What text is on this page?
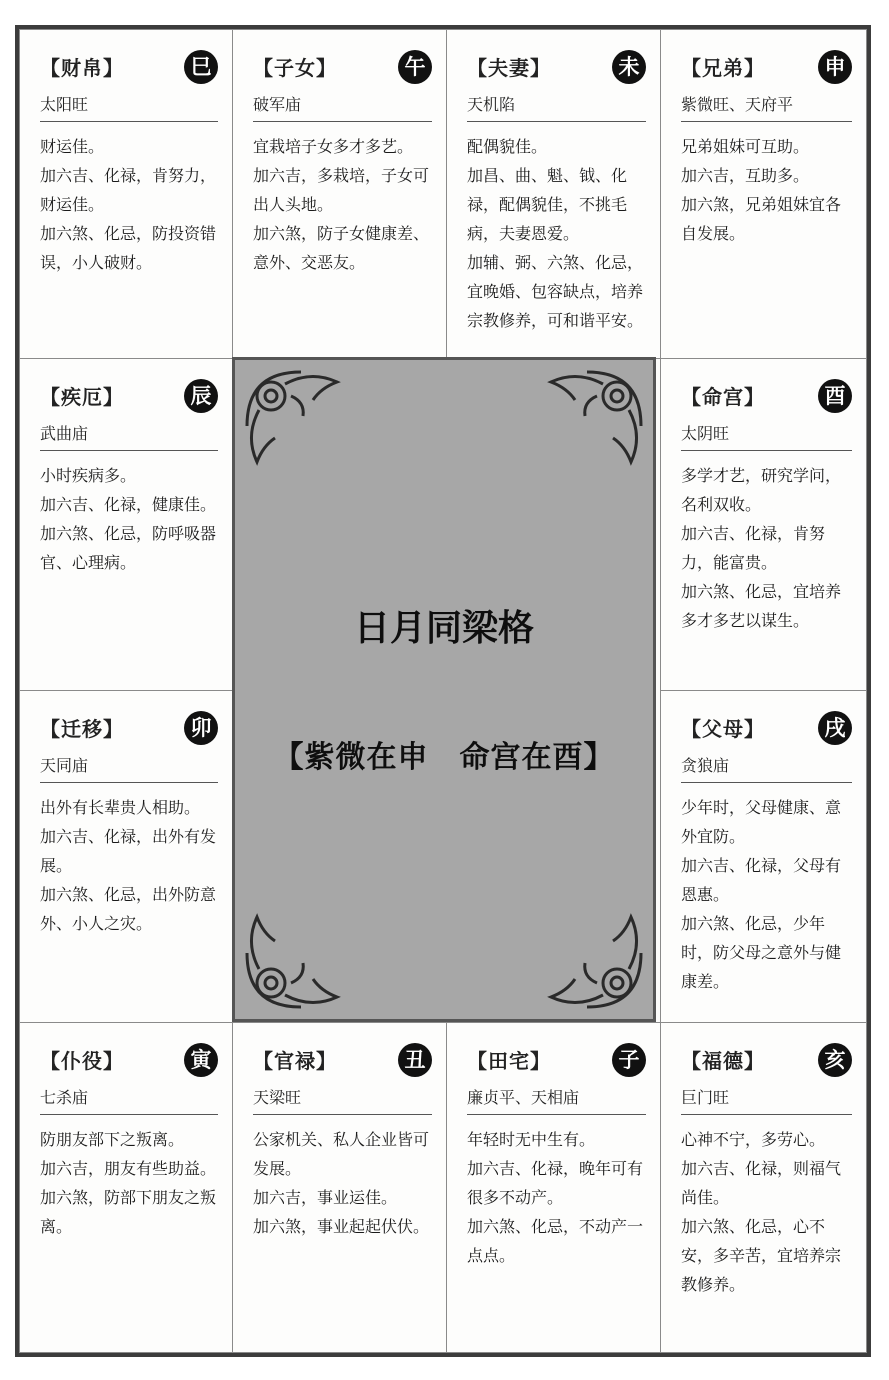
【财帛】	巳
太阳旺

财运佳。

加六吉、化禄，肯努力，财运佳。

加六煞、化忌，防投资错误，小人破财。

【子女】	午
破军庙

宜栽培子女多才多艺。

加六吉，多栽培，子女可出人头地。

加六煞，防子女健康差、意外、交恶友。

【夫妻】	未
天机陷

配偶貌佳。

加昌、曲、魁、钺、化禄，配偶貌佳，不挑毛病，夫妻恩爱。

加辅、弼、六煞、化忌，宜晚婚、包容缺点，培养宗教修养，可和谐平安。

【兄弟】	申
紫微旺、天府平

兄弟姐妹可互助。

加六吉，互助多。

加六煞，兄弟姐妹宜各自发展。

【疾厄】	辰
武曲庙

小时疾病多。

加六吉、化禄，健康佳。

加六煞、化忌，防呼吸器官、心理病。

【命宫】	酉
太阴旺

多学才艺，研究学问，名利双收。

加六吉、化禄，肯努力，能富贵。

加六煞、化忌，宜培养多才多艺以谋生。

【迁移】	卯
天同庙

出外有长辈贵人相助。

加六吉、化禄，出外有发展。

加六煞、化忌，出外防意外、小人之灾。

【父母】	戌
贪狼庙

少年时，父母健康、意外宜防。

加六吉、化禄，父母有恩惠。

加六煞、化忌，少年时，防父母之意外与健康差。

【仆役】	寅
七杀庙

防朋友部下之叛离。

加六吉，朋友有些助益。

加六煞，防部下朋友之叛离。

【官禄】	丑
天梁旺

公家机关、私人企业皆可发展。

加六吉，事业运佳。

加六煞，事业起起伏伏。

【田宅】	子
廉贞平、天相庙

年轻时无中生有。

加六吉、化禄，晚年可有很多不动产。

加六煞、化忌，不动产一点点。

【福德】	亥
巨门旺

心神不宁，多劳心。

加六吉、化禄，则福气尚佳。

加六煞、化忌，心不安，多辛苦，宜培养宗教修养。

日月同梁格
【紫微在申　命宫在酉】
